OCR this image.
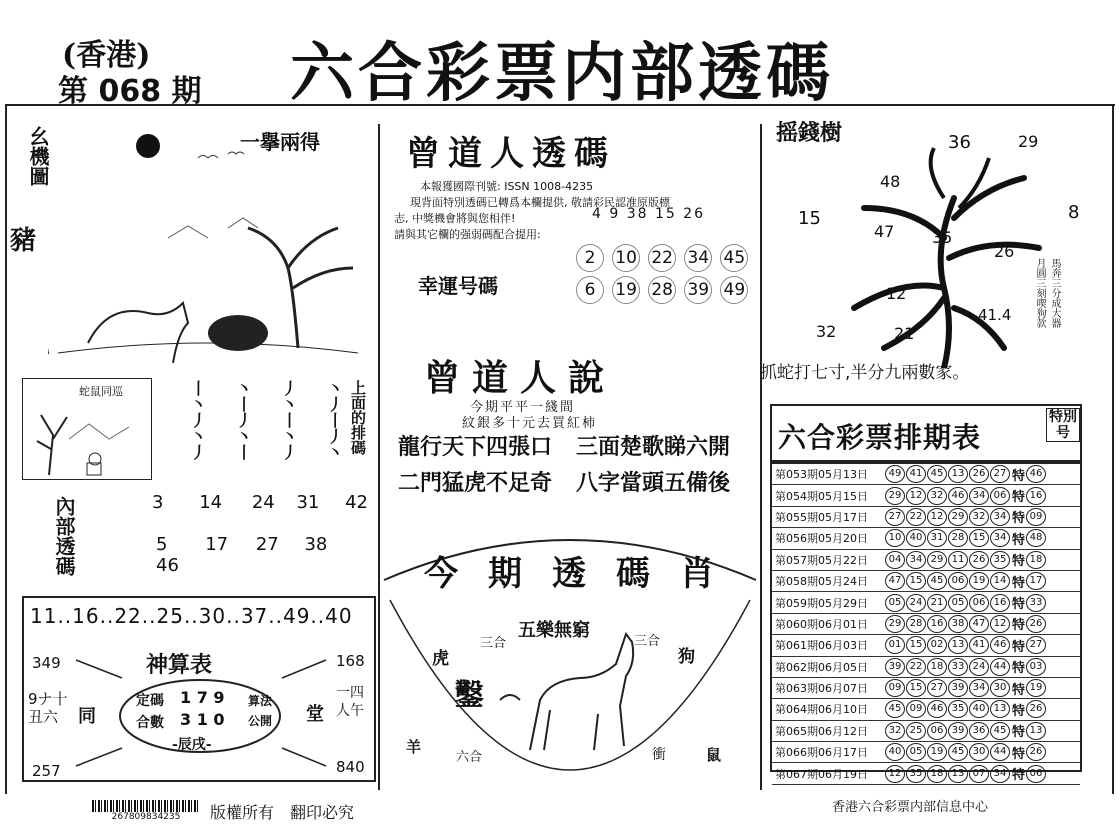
(香港)
第 068 期 六合彩票内部透碼
幺機圖
豬
一擧兩得
蛇鼠同巡	丨丶丿丶丿 丶丨丿丶丨 丿丶丨丶丿 丶丿丨丿丶 上面的排碼
內部透碼	3 14 24 31 42
5 17 27 38 46
11..16..22..25..30..37..49..40
神算表
349	168
257	840
9ナ十
丑六	同	堂
一四
人午
定碼 1 7 9
合數 3 1 0
算法
公開
-辰戌-
曾道人透碼
本報獲國際刊號: ISSN 1008-4235
現背面特別透碼已轉爲本欄提供, 敬請彩民認准原版標
志, 中獎機會將與您相伴!
請與其它欄的强弱碼配合提用:
4 9 38 15 26
幸運号碼
2 10 22 34 45
6 19 28 39 49
曾道人說
今期平平一綫間
紋銀多十元去買紅柿
龍行天下四張口 三面楚歌睇六開
二門猛虎不足奇 八字當頭五備後
今期透碼肖
五樂無窮
三合	三合
虎	狗
鑿
羊
六合	衝	鼠
摇錢樹	36	29
48
8
15
47 35
26
12
41.4
32	21
馬奔三分成大器
月圓三刻喫狗款
抓蛇打七寸,半分九兩數家。
六合彩票排期表
特別号
第053期05月13日	49 41 45 13 26 27 特 46
第054期05月15日	29 12 32 46 34 06 特 16
第055期05月17日	27 22 12 29 32 34 特 09
第056期05月20日	10 40 31 28 15 34 特 48
第057期05月22日	04 34 29 11 26 35 特 18
第058期05月24日	47 15 45 06 19 14 特 17
第059期05月29日	05 24 21 05 06 16 特 33
第060期06月01日	29 28 16 38 47 12 特 26
第061期06月03日	01 15 02 13 41 46 特 27
第062期06月05日	39 22 18 33 24 44 特 03
第063期06月07日	09 15 27 39 34 30 特 19
第064期06月10日	45 09 46 35 40 13 特 26
第065期06月12日	32 25 06 39 36 45 特 13
第066期06月17日	40 05 19 45 30 44 特 26
第067期06月19日	12 35 18 13 07 34 特 06
267809834235	版權所有　翻印必究	香港六合彩票内部信息中心
